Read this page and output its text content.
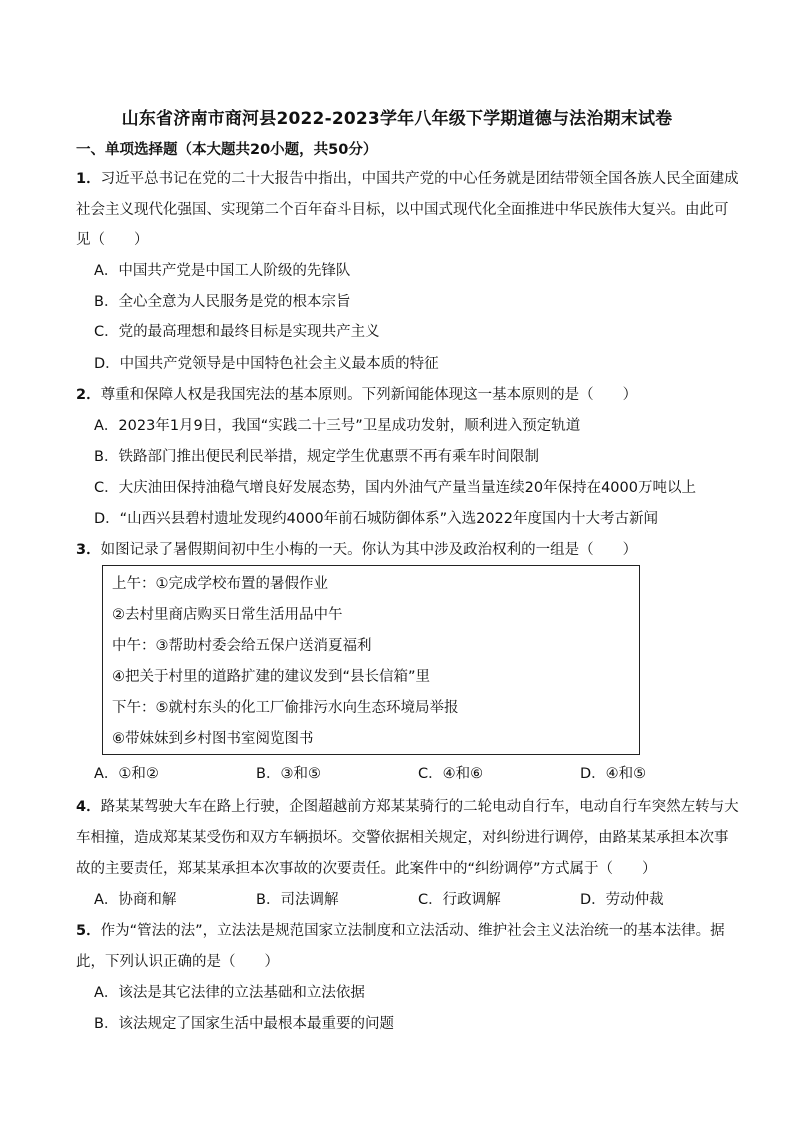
山东省济南市商河县2022-2023学年八年级下学期道德与法治期末试卷
一、单项选择题（本大题共20小题，共50分）
1．习近平总书记在党的二十大报告中指出，中国共产党的中心任务就是团结带领全国各族人民全面建成
社会主义现代化强国、实现第二个百年奋斗目标，以中国式现代化全面推进中华民族伟大复兴。由此可
见（　　）
A．中国共产党是中国工人阶级的先锋队
B．全心全意为人民服务是党的根本宗旨
C．党的最高理想和最终目标是实现共产主义
D．中国共产党领导是中国特色社会主义最本质的特征
2．尊重和保障人权是我国宪法的基本原则。下列新闻能体现这一基本原则的是（　　）
A．2023年1月9日，我国“实践二十三号”卫星成功发射，顺利进入预定轨道
B．铁路部门推出便民利民举措，规定学生优惠票不再有乘车时间限制
C．大庆油田保持油稳气增良好发展态势，国内外油气产量当量连续20年保持在4000万吨以上
D．“山西兴县碧村遗址发现约4000年前石城防御体系”入选2022年度国内十大考古新闻
3．如图记录了暑假期间初中生小梅的一天。你认为其中涉及政治权利的一组是（　　）
上午：①完成学校布置的暑假作业
②去村里商店购买日常生活用品中午
中午：③帮助村委会给五保户送消夏福利
④把关于村里的道路扩建的建议发到“县长信箱”里
下午：⑤就村东头的化工厂偷排污水向生态环境局举报
⑥带妹妹到乡村图书室阅览图书
A．①和②	B．③和⑤	C．④和⑥	D．④和⑤
4．路某某驾驶大车在路上行驶，企图超越前方郑某某骑行的二轮电动自行车，电动自行车突然左转与大
车相撞，造成郑某某受伤和双方车辆损坏。交警依据相关规定，对纠纷进行调停，由路某某承担本次事
故的主要责任，郑某某承担本次事故的次要责任。此案件中的“纠纷调停”方式属于（　　）
A．协商和解	B．司法调解	C．行政调解	D．劳动仲裁
5．作为“管法的法”，立法法是规范国家立法制度和立法活动、维护社会主义法治统一的基本法律。据
此，下列认识正确的是（　　）
A．该法是其它法律的立法基础和立法依据
B．该法规定了国家生活中最根本最重要的问题
